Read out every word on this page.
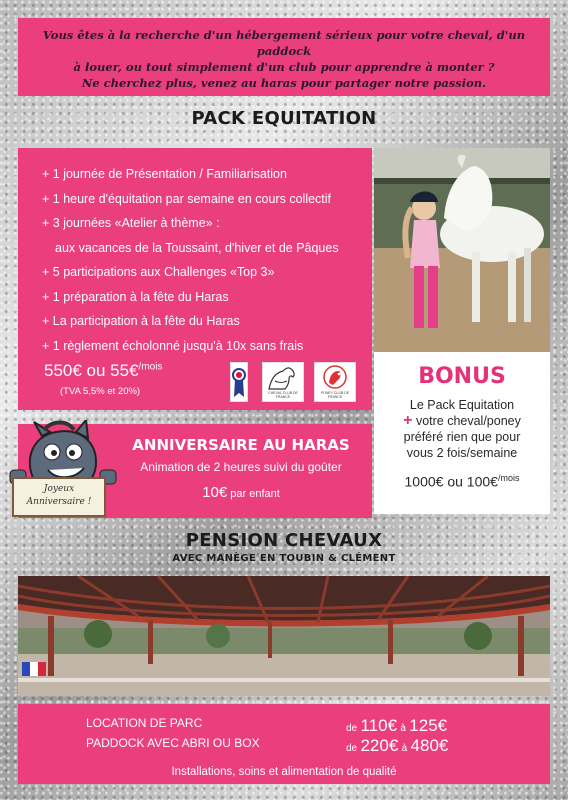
Vous êtes à la recherche d'un hébergement sérieux pour votre cheval, d'un paddock

à louer, ou tout simplement d'un club pour apprendre à monter ?

Ne cherchez plus, venez au haras pour partager notre passion.

PACK EQUITATION
+ 1 journée de Présentation / Familiarisation
+ 1 heure d'équitation par semaine en cours collectif
+ 3 journées «Atelier à thème» :
aux vacances de la Toussaint, d'hiver et de Pâques
+ 5 participations aux Challenges «Top 3»
+ 1 préparation à la fête du Haras
+ La participation à la fête du Haras
+ 1 règlement écholonné jusqu'à 10x sans frais
550€ ou 55€$^{/mois}$
(TVA 5,5% et 20%)	CHEVAL CLUB DE FRANCE
PONEY CLUB DE FRANCE
BONUS
Le Pack Equitation
+ votre cheval/poney
préféré rien que pour
vous 2 fois/semaine
1000€ ou 100€$^{/mois}$
Joyeux
Anniversaire !
ANNIVERSAIRE AU HARAS
Animation de 2 heures suivi du goûter
10€ par enfant
PENSION CHEVAUX
AVEC MANÈGE EN TOUBIN & CLÉMENT
LOCATION DE PARC	de 110€ à 125€
PADDOCK AVEC ABRI OU BOX	de 220€ à 480€
Installations, soins et alimentation de qualité
